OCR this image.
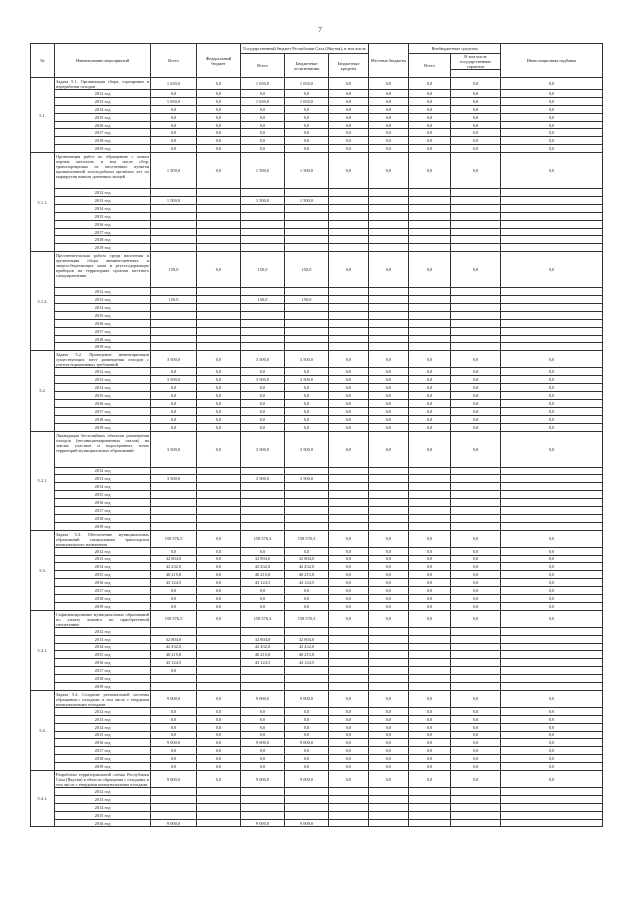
7
№	Наименование мероприятий	Всего	Федеральный бюджет	Государственный бюджет Республики Саха (Якутия), в том числе			Местные бюджеты	Внебюджетные средства		Инвестиционная надбавка
				Всего	Бюджетные ассигнования	Бюджетные кредиты		Всего	В том числе государственные гарантии	

5.1.	Задача 5.1. Организация сбора, сортировки и переработки отходов	1 650,0	0,0	1 650,0	1 650,0	0,0	0,0	0,0	0,0	0,0
	2012 год	0,0	0,0	0,0	0,0	0,0	0,0	0,0	0,0	0,0
	2013 год	1 650,0	0,0	1 650,0	1 650,0	0,0	0,0	0,0	0,0	0,0
	2014 год	0,0	0,0	0,0	0,0	0,0	0,0	0,0	0,0	0,0
	2015 год	0,0	0,0	0,0	0,0	0,0	0,0	0,0	0,0	0,0
	2016 год	0,0	0,0	0,0	0,0	0,0	0,0	0,0	0,0	0,0
	2017 год	0,0	0,0	0,0	0,0	0,0	0,0	0,0	0,0	0,0
	2018 год	0,0	0,0	0,0	0,0	0,0	0,0	0,0	0,0	0,0
	2019 год	0,0	0,0	0,0	0,0	0,0	0,0	0,0	0,0	0,0
5.1.1.	Организация работ по обращению с ломом черных металлов, в том числе сбор, транспортировка из населенных пунктов промышленной золотодобычи органных лет по маршрутам вывоза доменных мощей	1 500,0	0,0	1 500,0	1 500,0	0,0	0,0	0,0	0,0	0,0
	2012 год									
	2013 год	1 500,0		1 500,0	1 500,0					
	2014 год									
	2015 год									
	2016 год									
	2017 год									
	2018 год									
	2019 год									
5.1.2.	Просветительская работа среди населения и организация сбора люминесцентных и энергосберегающих ламп и ртутьсодержащих приборов на территориях органов местного самоуправления	150,0	0,0	150,0	150,0	0,0	0,0	0,0	0,0	0,0
	2012 год									
	2013 год	150,0		150,0	150,0					
	2014 год									
	2015 год									
	2016 год									
	2017 год									
	2018 год									
	2019 год									
5.2.	Задача 5.2. Проведение инвентаризации существующих мест размещения отходов с учетом нормативных требований	3 500,0	0,0	3 500,0	3 500,0	0,0	0,0	0,0	0,0	0,0
	2012 год	0,0	0,0	0,0	0,0	0,0	0,0	0,0	0,0	0,0
	2013 год	3 500,0	0,0	3 500,0	3 500,0	0,0	0,0	0,0	0,0	0,0
	2014 год	0,0	0,0	0,0	0,0	0,0	0,0	0,0	0,0	0,0
	2015 год	0,0	0,0	0,0	0,0	0,0	0,0	0,0	0,0	0,0
	2016 год	0,0	0,0	0,0	0,0	0,0	0,0	0,0	0,0	0,0
	2017 год	0,0	0,0	0,0	0,0	0,0	0,0	0,0	0,0	0,0
	2018 год	0,0	0,0	0,0	0,0	0,0	0,0	0,0	0,0	0,0
	2019 год	0,0	0,0	0,0	0,0	0,0	0,0	0,0	0,0	0,0
5.2.1.	Ликвидация бесхозяйных объектов размещения отходов (несанкционированных свалок) на землях участков и водоохранных зонах территорий муниципальных образований	3 500,0	0,0	3 500,0	3 500,0	0,0	0,0	0,0	0,0	0,0
	2012 год									
	2013 год	3 500,0		3 500,0	3 500,0					
	2014 год									
	2015 год									
	2016 год									
	2017 год									
	2018 год									
	2019 год									
5.3.	Задача 5.3. Обеспечение муниципальных образований специальным транспортом коммунального назначения	158 576,3	0,0	158 576,3	158 576,3	0,0	0,0	0,0	0,0	0,0
	2012 год	0,0	0,0	0,0	0,0	0,0	0,0	0,0	0,0	0,0
	2013 год	32 804,0	0,0	32 804,0	32 804,0	0,0	0,0	0,0	0,0	0,0
	2014 год	42 432,0	0,0	42 432,0	42 432,0	0,0	0,0	0,0	0,0	0,0
	2015 год	40 215,8	0,0	40 215,8	40 215,8	0,0	0,0	0,0	0,0	0,0
	2016 год	43 124,5	0,0	43 124,5	43 124,5	0,0	0,0	0,0	0,0	0,0
	2017 год	0,0	0,0	0,0	0,0	0,0	0,0	0,0	0,0	0,0
	2018 год	0,0	0,0	0,0	0,0	0,0	0,0	0,0	0,0	0,0
	2019 год	0,0	0,0	0,0	0,0	0,0	0,0	0,0	0,0	0,0
5.3.1.	Софинансирование муниципальных образований по уплату лизинга по приобретенной спецтехнике	158 576,3	0,0	158 576,3	158 576,3	0,0	0,0	0,0	0,0	0,0
	2012 год									
	2013 год	32 804,0		32 804,0	32 804,0					
	2014 год	42 432,0		42 432,0	42 432,0					
	2015 год	40 215,8		40 215,8	40 215,8					
	2016 год	43 124,5		43 124,5	43 124,5					
	2017 год	0,0								
	2018 год									
	2019 год									
5.4.	Задача 5.4. Создание региональной системы обращения с отходами, в том числе с твердыми коммунальными отходами	9 000,0	0,0	9 000,0	9 000,0	0,0	0,0	0,0	0,0	0,0
	2012 год	0,0	0,0	0,0	0,0	0,0	0,0	0,0	0,0	0,0
	2013 год	0,0	0,0	0,0	0,0	0,0	0,0	0,0	0,0	0,0
	2014 год	0,0	0,0	0,0	0,0	0,0	0,0	0,0	0,0	0,0
	2015 год	0,0	0,0	0,0	0,0	0,0	0,0	0,0	0,0	0,0
	2016 год	9 000,0	0,0	9 000,0	9 000,0	0,0	0,0	0,0	0,0	0,0
	2017 год	0,0	0,0	0,0	0,0	0,0	0,0	0,0	0,0	0,0
	2018 год	0,0	0,0	0,0	0,0	0,0	0,0	0,0	0,0	0,0
	2019 год	0,0	0,0	0,0	0,0	0,0	0,0	0,0	0,0	0,0
5.4.1.	Разработка территориальной схемы Республики Саха (Якутия) в области обращения с отходами, в том числе с твердыми коммунальными отходами	9 000,0	0,0	9 000,0	9 000,0	0,0	0,0	0,0	0,0	0,0
	2012 год									
	2013 год									
	2014 год									
	2015 год									
	2016 год	9 000,0		9 000,0	9 000,0					
